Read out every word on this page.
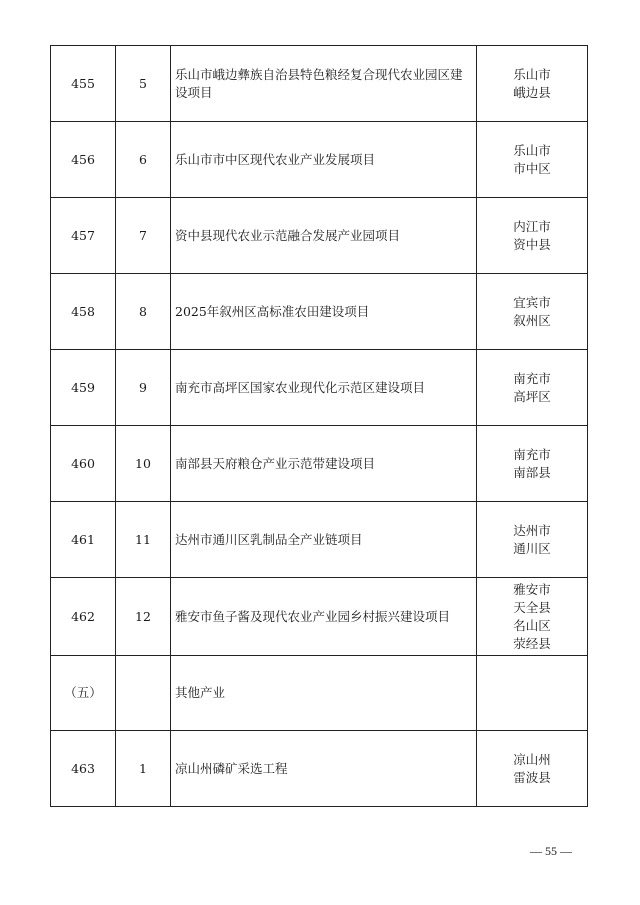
455	5	乐山市峨边彝族自治县特色粮经复合现代农业园区建设项目	乐山市
峨边县

456	6	乐山市市中区现代农业产业发展项目	乐山市
市中区

457	7	资中县现代农业示范融合发展产业园项目	内江市
资中县

458	8	2025年叙州区高标准农田建设项目	宜宾市
叙州区

459	9	南充市高坪区国家农业现代化示范区建设项目	南充市
高坪区

460	10	南部县天府粮仓产业示范带建设项目	南充市
南部县

461	11	达州市通川区乳制品全产业链项目	达州市
通川区

462	12	雅安市鱼子酱及现代农业产业园乡村振兴建设项目	雅安市
天全县
名山区
荥经县

（五）		其他产业	
463	1	凉山州磷矿采选工程	凉山州
雷波县
— 55 —
